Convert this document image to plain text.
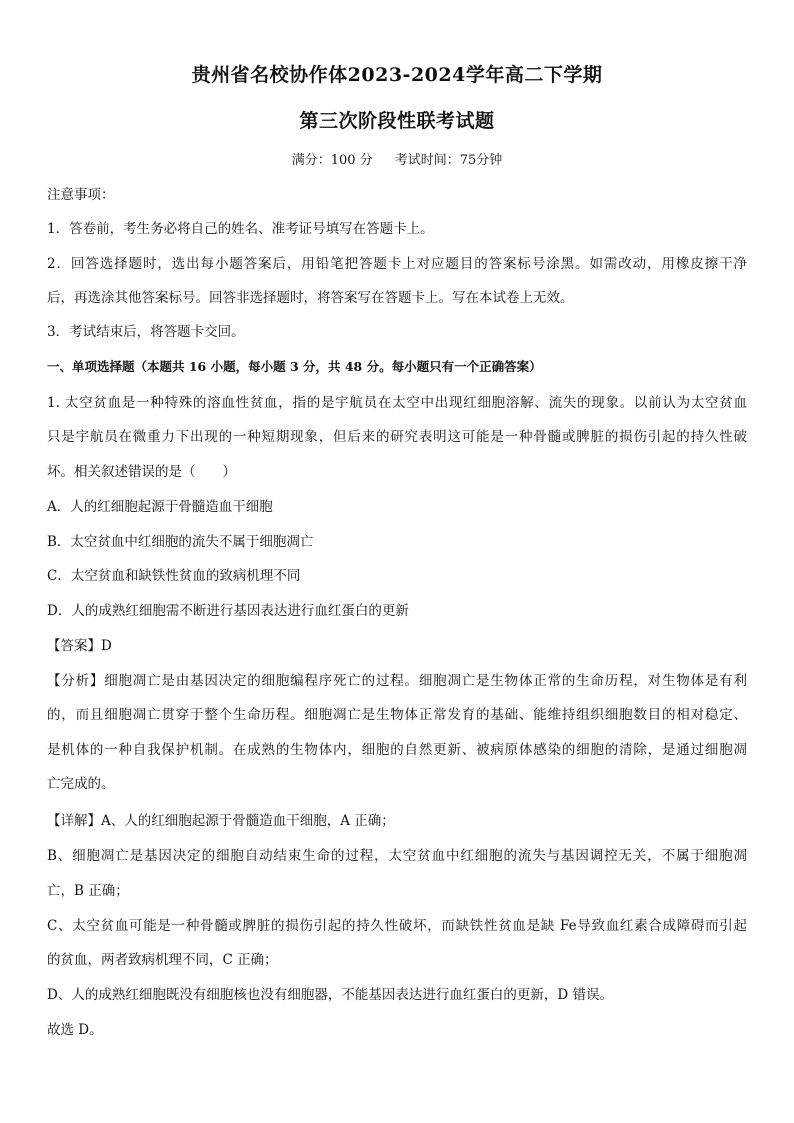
贵州省名校协作体2023-2024学年高二下学期
第三次阶段性联考试题
满分：100 分 考试时间：75分钟
注意事项：
1．答卷前，考生务必将自己的姓名、准考证号填写在答题卡上。
2．回答选择题时，选出每小题答案后，用铅笔把答题卡上对应题目的答案标号涂黑。如需改动，用橡皮擦干净
后，再选涂其他答案标号。回答非选择题时，将答案写在答题卡上。写在本试卷上无效。
3．考试结束后，将答题卡交回。
一、单项选择题（本题共 16 小题，每小题 3 分，共 48 分。每小题只有一个正确答案）
1. 太空贫血是一种特殊的溶血性贫血，指的是宇航员在太空中出现红细胞溶解、流失的现象。以前认为太空贫血
只是宇航员在微重力下出现的一种短期现象，但后来的研究表明这可能是一种骨髓或脾脏的损伤引起的持久性破
坏。相关叙述错误的是（　　）
A．人的红细胞起源于骨髓造血干细胞
B．太空贫血中红细胞的流失不属于细胞凋亡
C．太空贫血和缺铁性贫血的致病机理不同
D．人的成熟红细胞需不断进行基因表达进行血红蛋白的更新
【答案】D
【分析】细胞凋亡是由基因决定的细胞编程序死亡的过程。细胞凋亡是生物体正常的生命历程，对生物体是有利
的，而且细胞凋亡贯穿于整个生命历程。细胞凋亡是生物体正常发育的基础、能维持组织细胞数目的相对稳定、
是机体的一种自我保护机制。在成熟的生物体内，细胞的自然更新、被病原体感染的细胞的清除，是通过细胞凋
亡完成的。
【详解】A、人的红细胞起源于骨髓造血干细胞，A 正确；
B、细胞凋亡是基因决定的细胞自动结束生命的过程，太空贫血中红细胞的流失与基因调控无关，不属于细胞凋
亡，B 正确；
C、太空贫血可能是一种骨髓或脾脏的损伤引起的持久性破坏，而缺铁性贫血是缺 Fe导致血红素合成障碍而引起
的贫血，两者致病机理不同，C 正确；
D、人的成熟红细胞既没有细胞核也没有细胞器，不能基因表达进行血红蛋白的更新，D 错误。
故选 D。
